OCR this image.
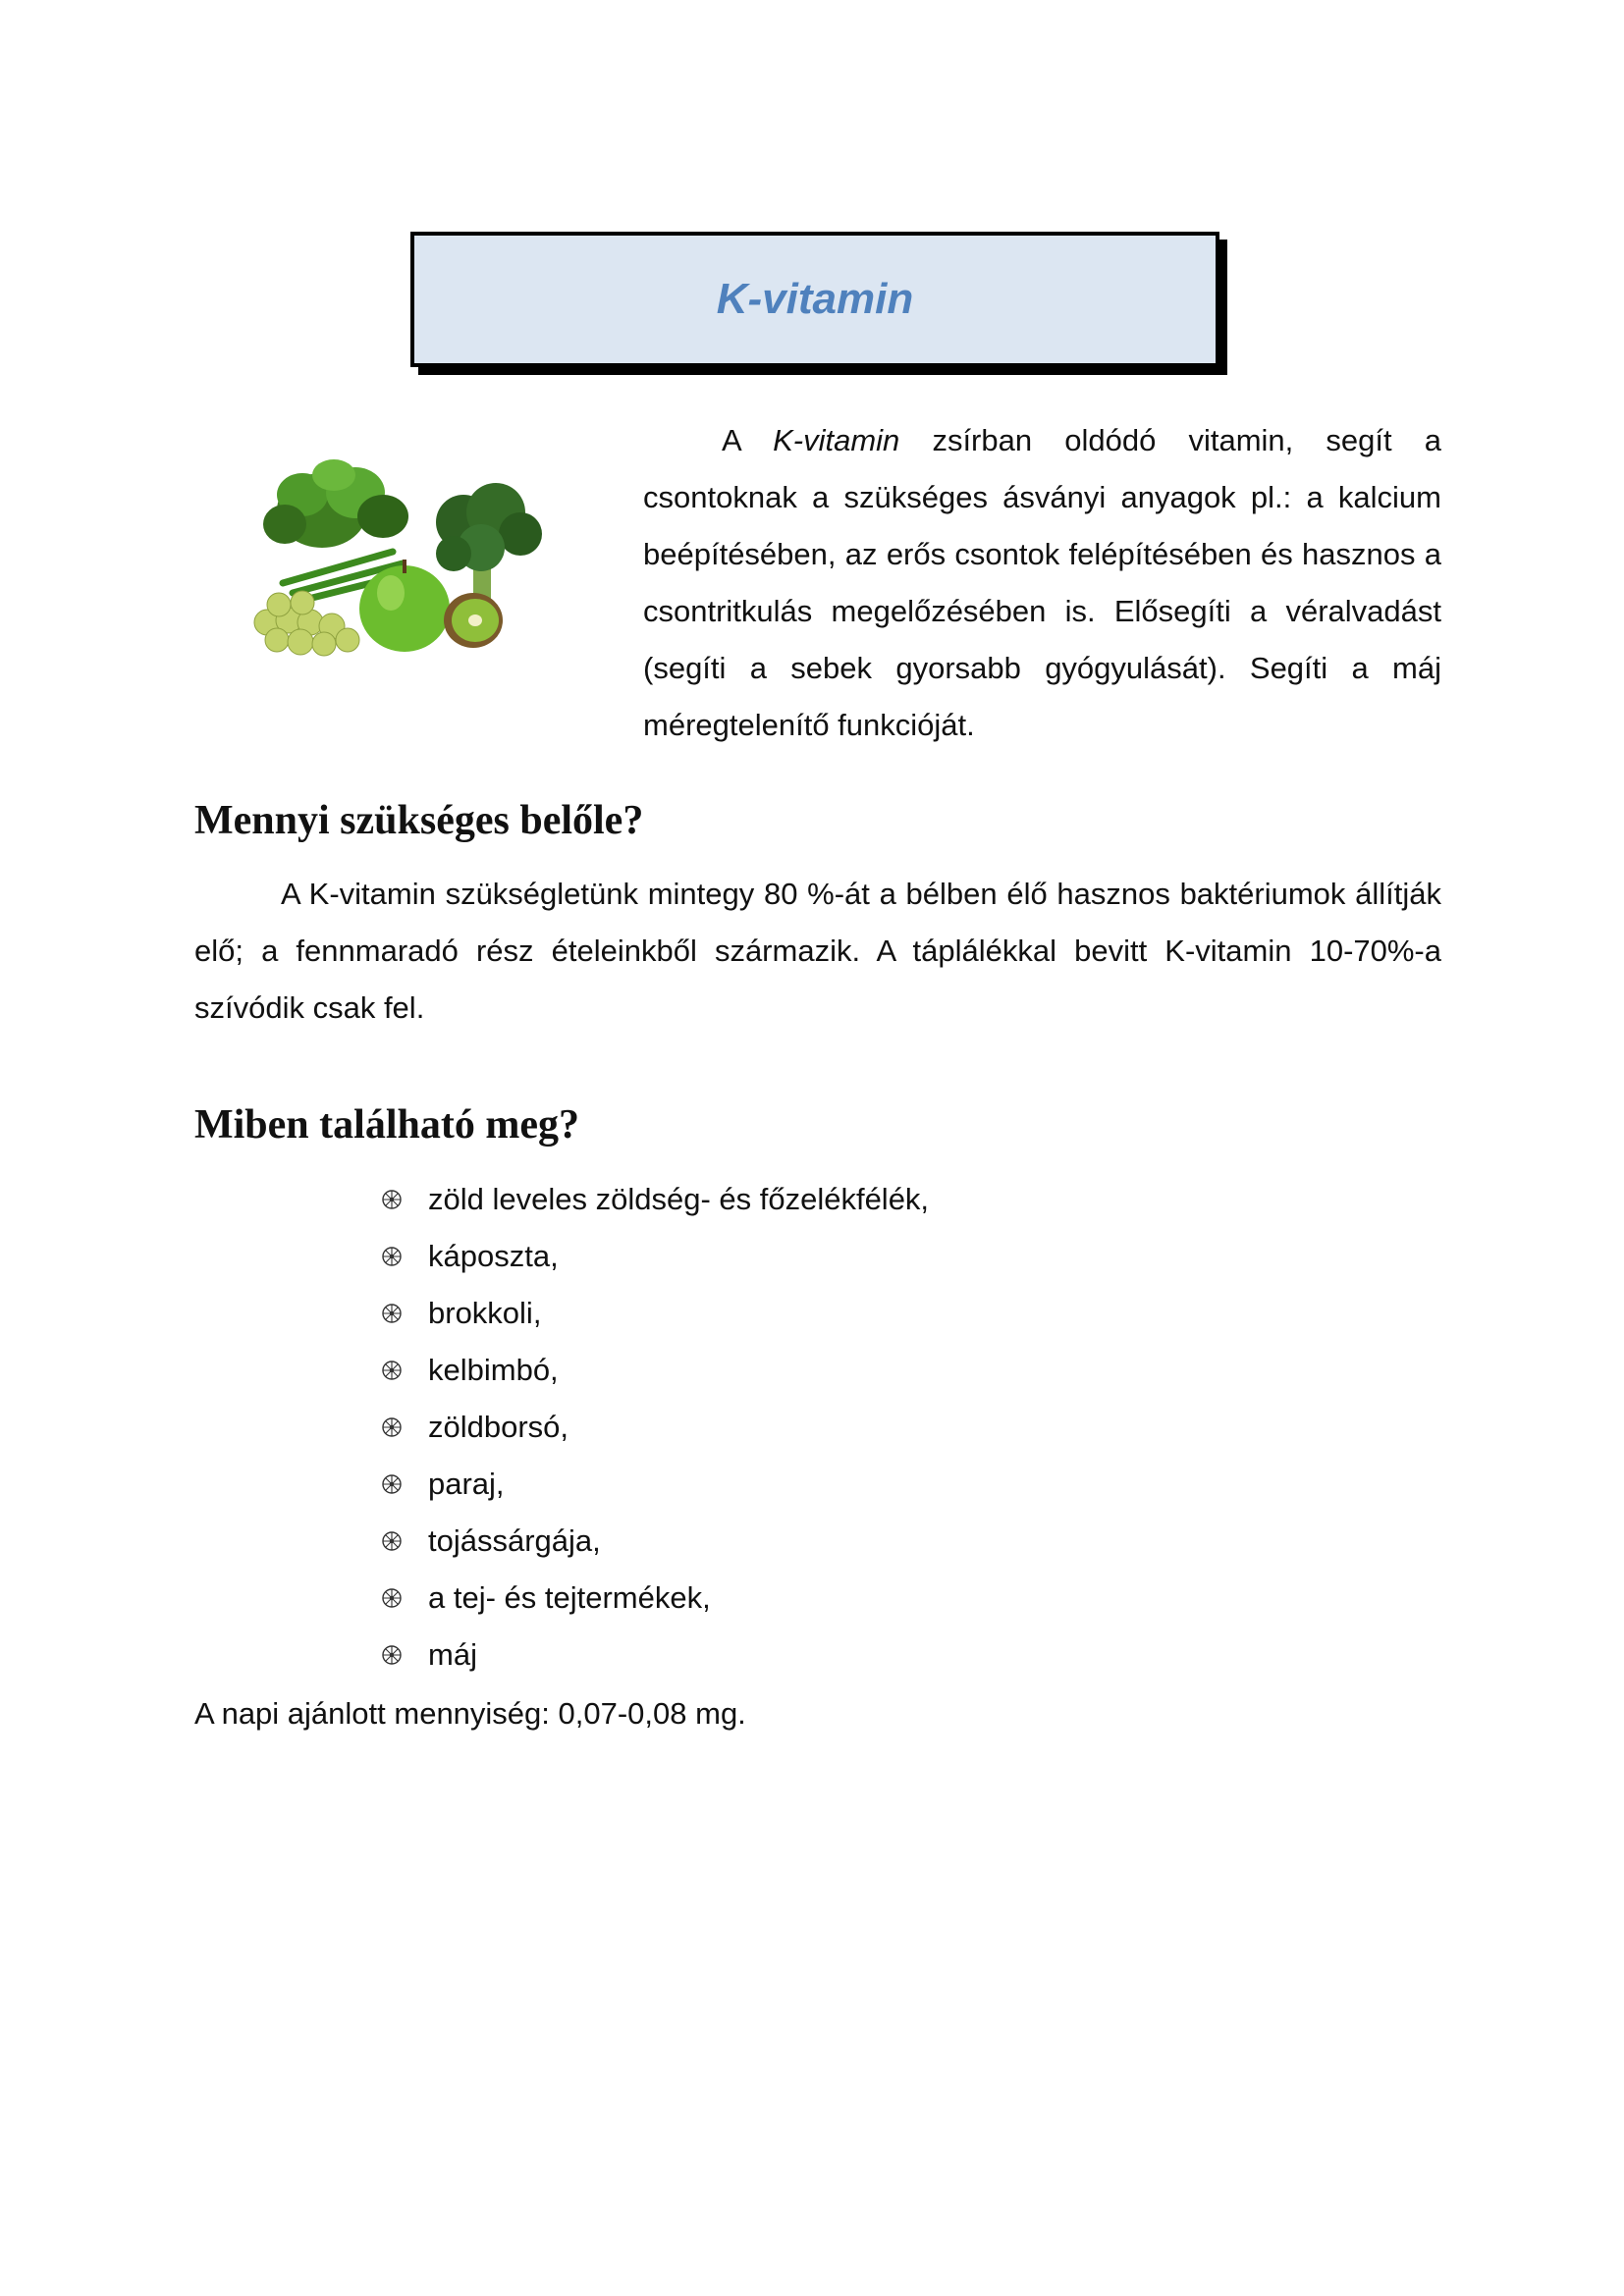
K-vitamin

A K-vitamin zsírban oldódó vitamin, segít a csontoknak a szükséges ásványi anyagok pl.: a kalcium beépítésében, az erős csontok felépítésében és hasznos a csontritkulás megelőzésében is. Elősegíti a véralvadást (segíti a sebek gyorsabb gyógyulását). Segíti a máj méregtelenítő funkcióját.

Mennyi szükséges belőle?

A K-vitamin szükségletünk mintegy 80 %-át a bélben élő hasznos baktériumok állítják elő; a fennmaradó rész ételeinkből származik. A táplálékkal bevitt K-vitamin 10-70%-a szívódik csak fel.

Miben található meg?
zöld leveles zöldség- és főzelékfélék,
káposzta,
brokkoli,
kelbimbó,
zöldborsó,
paraj,
tojássárgája,
a tej- és tejtermékek,
máj

A napi ajánlott mennyiség: 0,07-0,08 mg.
